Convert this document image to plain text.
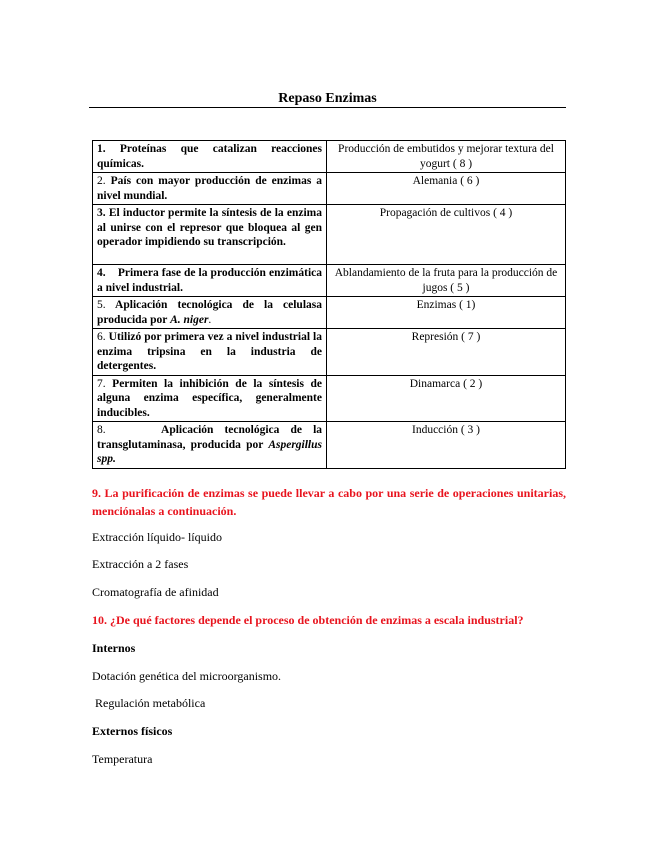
Repaso Enzimas
1. Proteínas que catalizan reacciones químicas.	Producción de embutidos y mejorar textura del yogurt ( 8 )
2. País con mayor producción de enzimas a nivel mundial.	Alemania ( 6 )
3. El inductor permite la síntesis de la enzima al unirse con el represor que bloquea al gen operador impidiendo su transcripción.	Propagación de cultivos ( 4 )
4. Primera fase de la producción enzimática a nivel industrial.	Ablandamiento de la fruta para la producción de jugos ( 5 )
5. Aplicación tecnológica de la celulasa producida por A. niger.	Enzimas ( 1)
6. Utilizó por primera vez a nivel industrial la enzima tripsina en la industria de detergentes.	Represión ( 7 )
7. Permiten la inhibición de la síntesis de alguna enzima específica, generalmente inducibles.	Dinamarca ( 2 )
8. Aplicación tecnológica de la transglutaminasa, producida por Aspergillus spp.	Inducción ( 3 )
9. La purificación de enzimas se puede llevar a cabo por una serie de operaciones unitarias, menciónalas a continuación.
Extracción líquido- líquido
Extracción a 2 fases
Cromatografía de afinidad
10. ¿De qué factores depende el proceso de obtención de enzimas a escala industrial?
Internos
Dotación genética del microorganismo.
Regulación metabólica
Externos físicos
Temperatura
